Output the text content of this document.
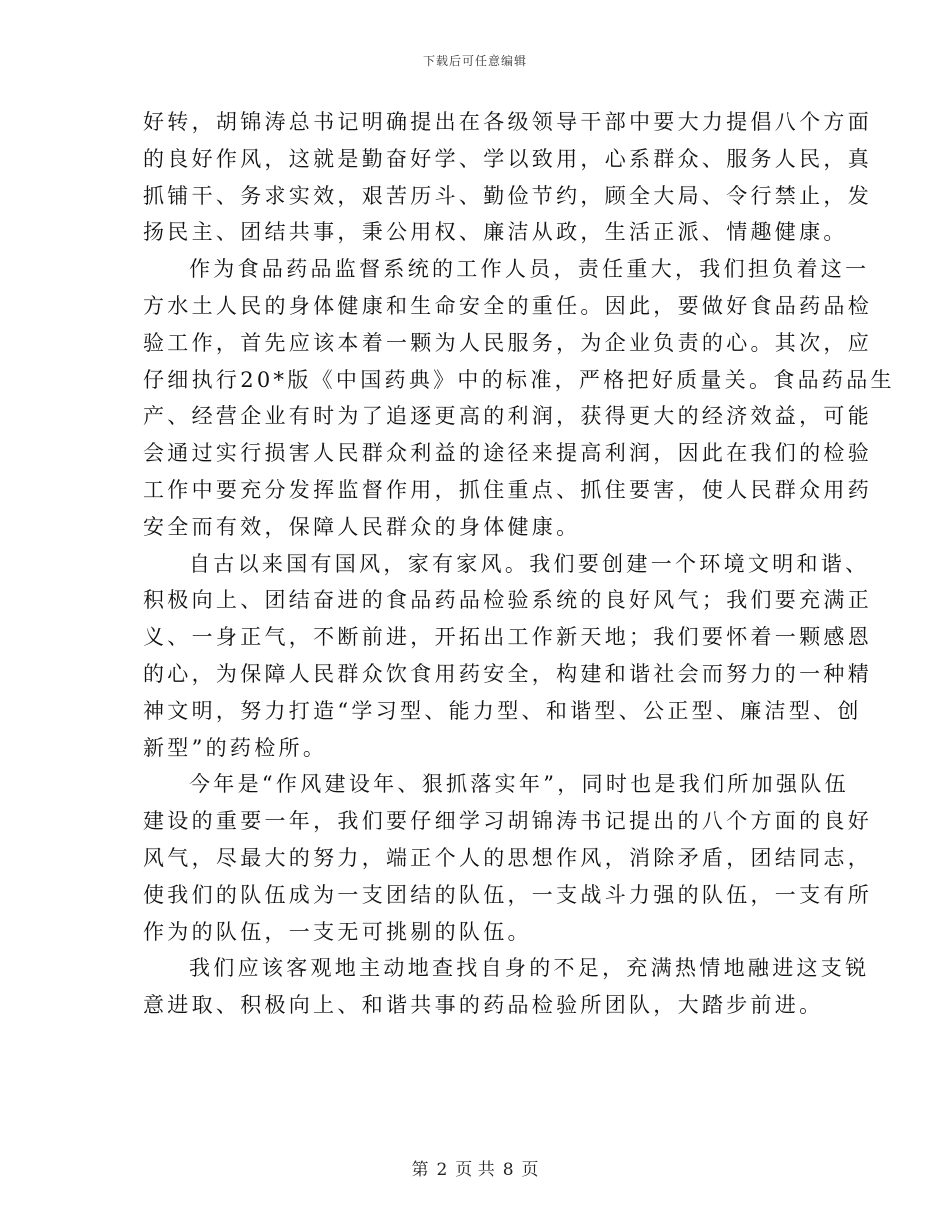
下载后可任意编辑
好转，胡锦涛总书记明确提出在各级领导干部中要大力提倡八个方面
的良好作风，这就是勤奋好学、学以致用，心系群众、服务人民，真
抓铺干、务求实效，艰苦历斗、勤俭节约，顾全大局、令行禁止，发
扬民主、团结共事，秉公用权、廉洁从政，生活正派、情趣健康。
作为食品药品监督系统的工作人员，责任重大，我们担负着这一
方水土人民的身体健康和生命安全的重任。因此，要做好食品药品检
验工作，首先应该本着一颗为人民服务，为企业负责的心。其次，应
仔细执行20*版《中国药典》中的标准，严格把好质量关。食品药品生
产、经营企业有时为了追逐更高的利润，获得更大的经济效益，可能
会通过实行损害人民群众利益的途径来提高利润，因此在我们的检验
工作中要充分发挥监督作用，抓住重点、抓住要害，使人民群众用药
安全而有效，保障人民群众的身体健康。
自古以来国有国风，家有家风。我们要创建一个环境文明和谐、
积极向上、团结奋进的食品药品检验系统的良好风气；我们要充满正
义、一身正气，不断前进，开拓出工作新天地；我们要怀着一颗感恩
的心，为保障人民群众饮食用药安全，构建和谐社会而努力的一种精
神文明，努力打造“学习型、能力型、和谐型、公正型、廉洁型、创
新型”的药检所。
今年是“作风建设年、狠抓落实年”，同时也是我们所加强队伍
建设的重要一年，我们要仔细学习胡锦涛书记提出的八个方面的良好
风气，尽最大的努力，端正个人的思想作风，消除矛盾，团结同志，
使我们的队伍成为一支团结的队伍，一支战斗力强的队伍，一支有所
作为的队伍，一支无可挑剔的队伍。
我们应该客观地主动地查找自身的不足，充满热情地融进这支锐
意进取、积极向上、和谐共事的药品检验所团队，大踏步前进。
第 2 页 共 8 页
